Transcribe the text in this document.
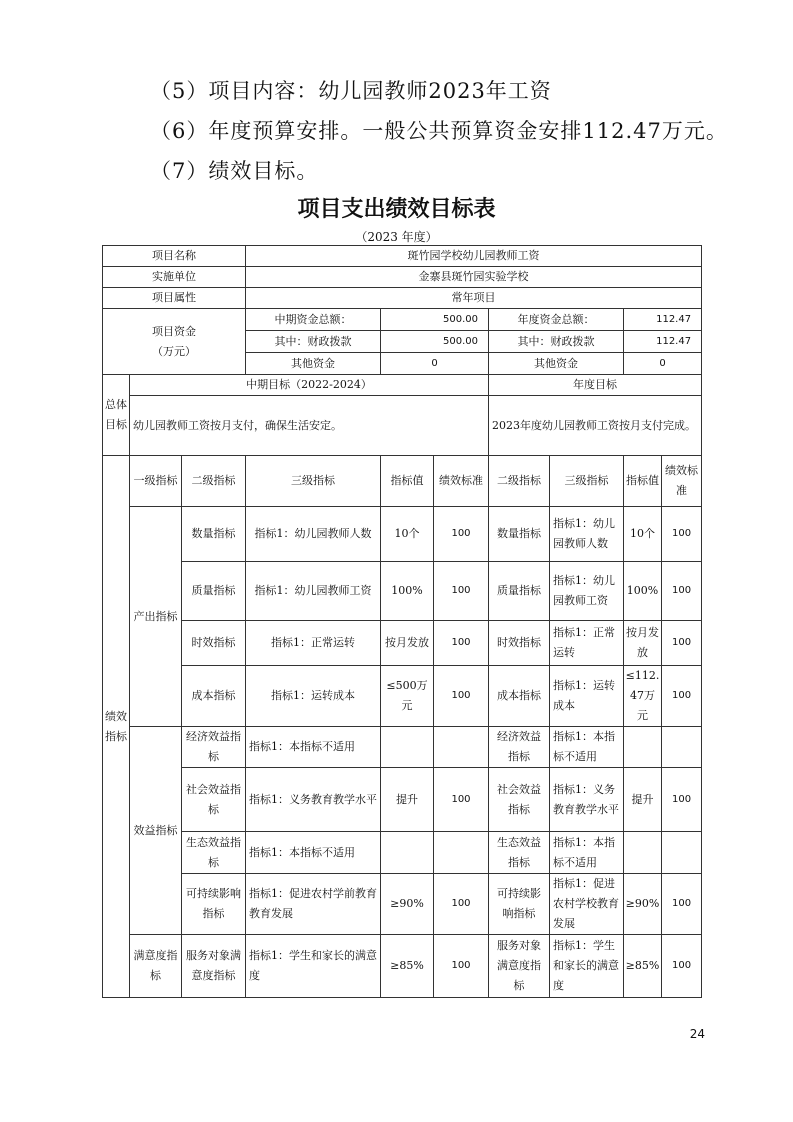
（5）项目内容：幼儿园教师2023年工资
（6）年度预算安排。一般公共预算资金安排112.47万元。
（7）绩效目标。
项目支出绩效目标表
（2023 年度）
项目名称			斑竹园学校幼儿园教师工资						
实施单位			金寨县斑竹园实验学校						
项目属性			常年项目						

项目资金
（万元）			中期资金总额：	500.00		年度资金总额：		112.47	
			其中：财政拨款	500.00		其中：财政拨款		112.47	
			其他资金	0		其他资金		0	
总体目标	中期目标（2022-2024）					年度目标			
	幼儿园教师工资按月支付，确保生活安定。					2023年度幼儿园教师工资按月支付完成。			
绩效指标	一级指标	二级指标	三级指标	指标值	绩效标准	二级指标	三级指标	指标值	绩效标准
	产出指标	数量指标	指标1：幼儿园教师人数	10个	100	数量指标	指标1：幼儿园教师人数	10个	100
		质量指标	指标1：幼儿园教师工资	100%	100	质量指标	指标1：幼儿园教师工资	100%	100
		时效指标	指标1：正常运转	按月发放	100	时效指标	指标1：正常运转	按月发放	100
		成本指标	指标1：运转成本	≤500万元	100	成本指标	指标1：运转成本	≤112.47万元	100
	效益指标	经济效益指标	指标1：本指标不适用			经济效益指标	指标1：本指标不适用		
		社会效益指标	指标1：义务教育教学水平	提升	100	社会效益指标	指标1：义务教育教学水平	提升	100
		生态效益指标	指标1：本指标不适用			生态效益指标	指标1：本指标不适用		
		可持续影响指标	指标1：促进农村学前教育教育发展	≥90%	100	可持续影响指标	指标1：促进农村学校教育发展	≥90%	100
	满意度指标	服务对象满意度指标	指标1：学生和家长的满意度	≥85%	100	服务对象满意度指标	指标1：学生和家长的满意度	≥85%	100
24
